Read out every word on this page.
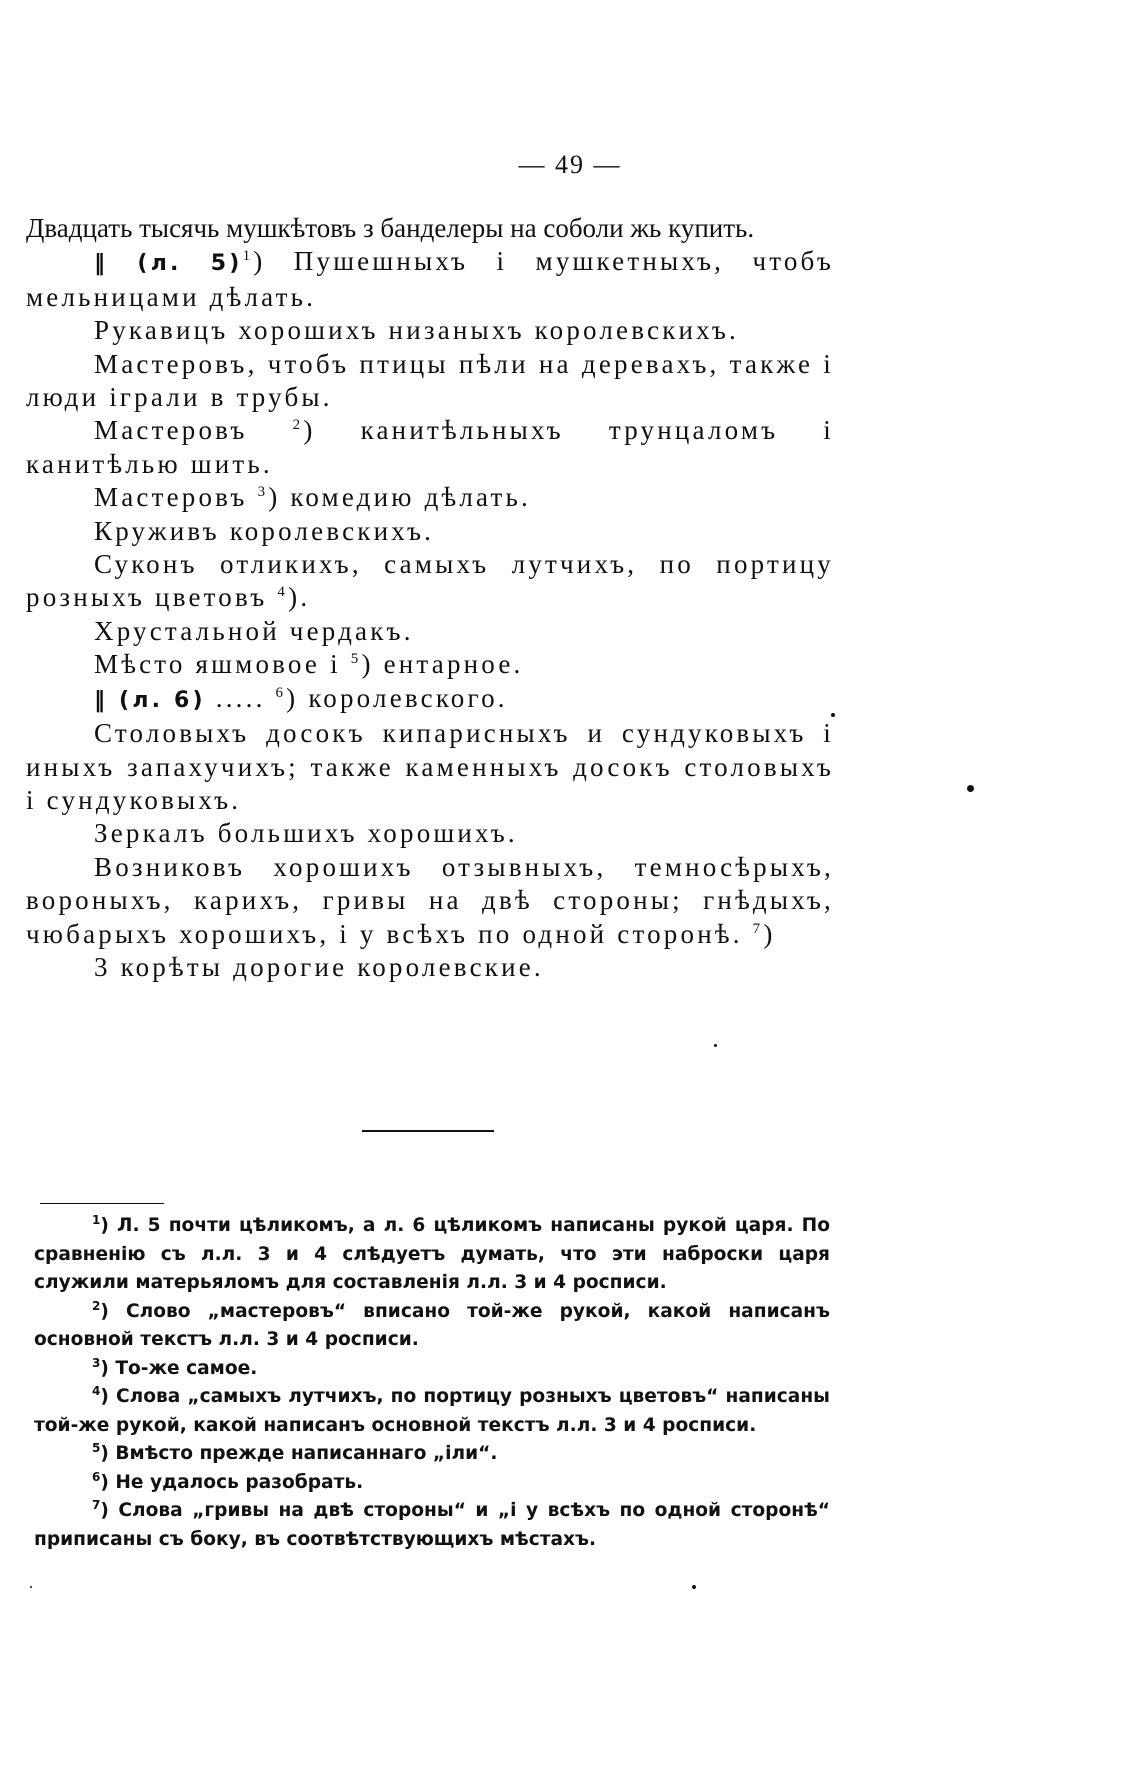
— 49 —

Двадцать тысячь мушкѣтовъ з банделеры на соболи жь купить.

‖ (л. 5)$^1$) Пушешныхъ і мушкетныхъ, чтобъ мельницами дѣлать.

Рукавицъ хорошихъ низаныхъ королевскихъ.

Мастеровъ, чтобъ птицы пѣли на деревахъ, также і люди іграли в трубы.

Мастеровъ	$^2$) канитѣльныхъ трунцаломъ і канитѣлью шить.

Мастеровъ $^3$) комедию дѣлать.

Круживъ королевскихъ.

Суконъ отликихъ, самыхъ лутчихъ, по портицу розныхъ цветовъ $^4$).

Хрустальной чердакъ.

Мѣсто яшмовое і $^5$) ентарное.

‖ (л. 6) ..... $^6$) королевского.

Столовыхъ досокъ кипарисныхъ и сундуковыхъ і иныхъ запахучихъ; также каменныхъ досокъ столовыхъ і сундуковыхъ.

Зеркалъ большихъ хорошихъ.

Возниковъ хорошихъ отзывныхъ, темносѣрыхъ, вороныхъ, карихъ, гривы на двѣ стороны; гнѣдыхъ, чюбарыхъ хорошихъ, і у всѣхъ по одной сторонѣ. $^7$)

3 корѣты дорогие королевские.

$^1$) Л. 5 почти цѣликомъ, а л. 6 цѣликомъ написаны рукой царя. По сравненію съ л.л. 3 и 4 слѣдуетъ думать, что эти наброски царя служили матерьяломъ для составленія л.л. 3 и 4 росписи.

$^2$) Слово „мастеровъ“ вписано той-же рукой, какой написанъ основной текстъ л.л. 3 и 4 росписи.

$^3$) То-же самое.

$^4$) Слова „самыхъ лутчихъ, по портицу розныхъ цветовъ“ написаны той-же рукой, какой написанъ основной текстъ л.л. 3 и 4 росписи.

$^5$) Вмѣсто прежде написаннаго „іли“.

$^6$) Не удалось разобрать.

$^7$) Слова „гривы на двѣ стороны“ и „і у всѣхъ по одной сторонѣ“ приписаны съ боку, въ соотвѣтствующихъ мѣстахъ.
